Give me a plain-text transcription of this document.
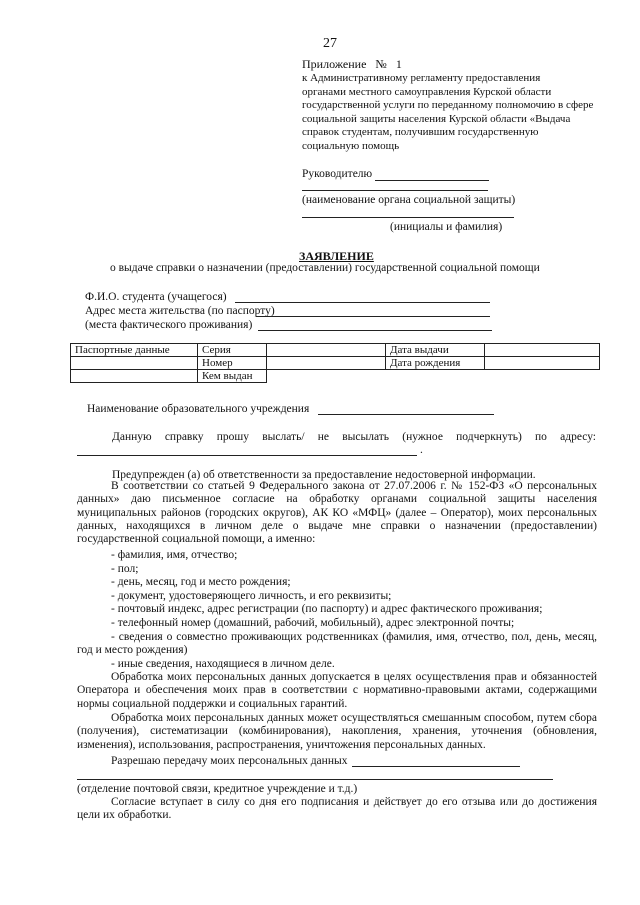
27
Приложение № 1
к Административному регламенту предоставления
органами местного самоуправления Курской области
государственной услуги по переданному полномочию в сфере
социальной защиты населения Курской области «Выдача
справок студентам, получившим государственную
социальную помощь
Руководителю
(наименование органа социальной защиты)
(инициалы и фамилия)
ЗАЯВЛЕНИЕ
о выдаче справки о назначении (предоставлении) государственной социальной помощи
Ф.И.О. студента (учащегося)
Адрес места жительства (по паспорту)
(места фактического проживания)
Паспортные данные	Серия		Дата выдачи	
	Номер		Дата рождения	
	Кем выдан			
Наименование образовательного учреждения
Данную справку прошу выслать/ не высылать (нужное подчеркнуть) по адресу:
.
Предупрежден (а) об ответственности за предоставление недостоверной информации.
В соответствии со статьей 9 Федерального закона от 27.07.2006 г. № 152-ФЗ «О персональных данных» даю письменное согласие на обработку органами социальной защиты населения муниципальных районов (городских округов), АК КО «МФЦ» (далее – Оператор), моих персональных данных, находящихся в личном деле о выдаче мне справки о назначении (предоставлении) государственной социальной помощи, а именно:
- фамилия, имя, отчество;
- пол;
- день, месяц, год и место рождения;
- документ, удостоверяющего личность, и его реквизиты;
- почтовый индекс, адрес регистрации (по паспорту) и адрес фактического проживания;
- телефонный номер (домашний, рабочий, мобильный), адрес электронной почты;
- сведения о совместно проживающих родственниках (фамилия, имя, отчество, пол, день, месяц, год и место рождения)
- иные сведения, находящиеся в личном деле.
Обработка моих персональных данных допускается в целях осуществления прав и обязанностей Оператора и обеспечения моих прав в соответствии с нормативно-правовыми актами, содержащими нормы социальной поддержки и социальных гарантий.
Обработка моих персональных данных может осуществляться смешанным способом, путем сбора (получения), систематизации (комбинирования), накопления, хранения, уточнения (обновления, изменения), использования, распространения, уничтожения персональных данных.
Разрешаю передачу моих персональных данных
(отделение почтовой связи, кредитное учреждение и т.д.)
Согласие вступает в силу со дня его подписания и действует до его отзыва или до достижения цели их обработки.
